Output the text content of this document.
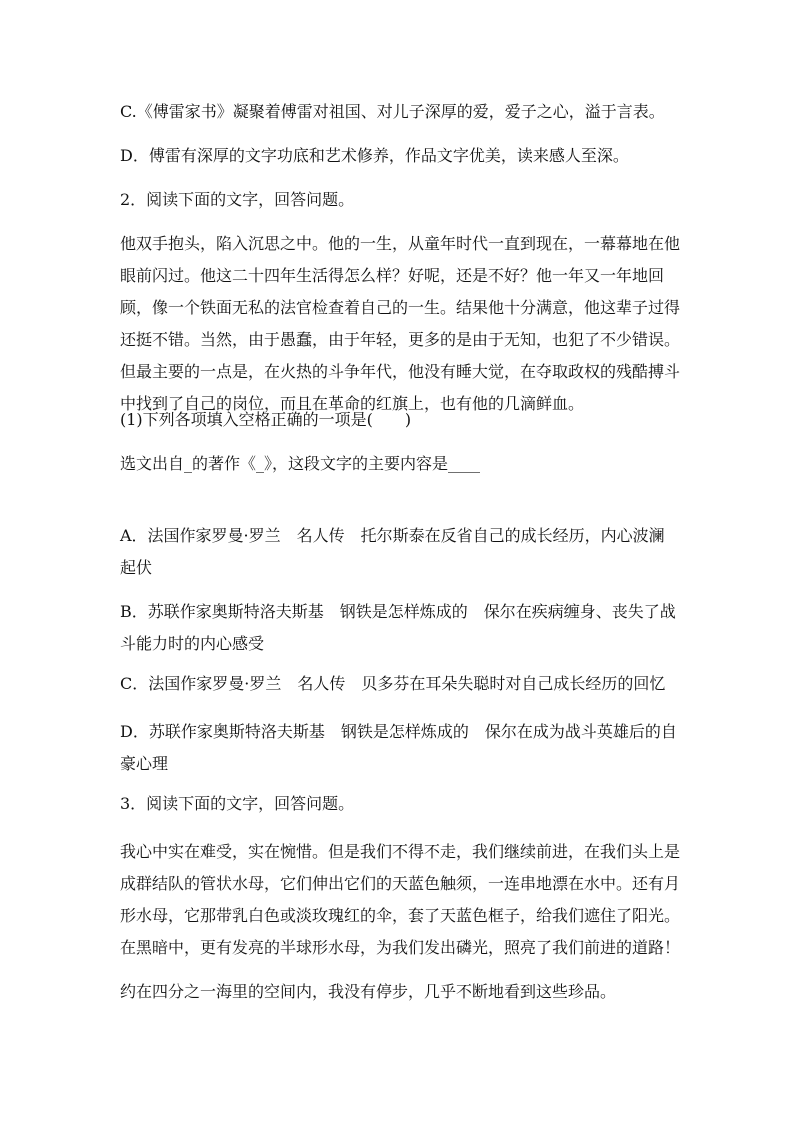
C.《傅雷家书》凝聚着傅雷对祖国、对儿子深厚的爱，爱子之心，溢于言表。

D．傅雷有深厚的文字功底和艺术修养，作品文字优美，读来感人至深。

2．阅读下面的文字，回答问题。

他双手抱头，陷入沉思之中。他的一生，从童年时代一直到现在，一幕幕地在他眼前闪过。他这二十四年生活得怎么样？好呢，还是不好？他一年又一年地回顾，像一个铁面无私的法官检查着自己的一生。结果他十分满意，他这辈子过得还挺不错。当然，由于愚蠢，由于年轻，更多的是由于无知，也犯了不少错误。但最主要的一点是，在火热的斗争年代，他没有睡大觉，在夺取政权的残酷搏斗中找到了自己的岗位，而且在革命的红旗上，也有他的几滴鲜血。

(1)下列各项填入空格正确的一项是(　　)

选文出自_的著作《_》，这段文字的主要内容是____

A．法国作家罗曼·罗兰　名人传　托尔斯泰在反省自己的成长经历，内心波澜起伏

B．苏联作家奥斯特洛夫斯基　钢铁是怎样炼成的　保尔在疾病缠身、丧失了战斗能力时的内心感受

C．法国作家罗曼·罗兰　名人传　贝多芬在耳朵失聪时对自己成长经历的回忆

D．苏联作家奥斯特洛夫斯基　钢铁是怎样炼成的　保尔在成为战斗英雄后的自豪心理

3．阅读下面的文字，回答问题。

我心中实在难受，实在惋惜。但是我们不得不走，我们继续前进，在我们头上是成群结队的管状水母，它们伸出它们的天蓝色触须，一连串地漂在水中。还有月形水母，它那带乳白色或淡玫瑰红的伞，套了天蓝色框子，给我们遮住了阳光。在黑暗中，更有发亮的半球形水母，为我们发出磷光，照亮了我们前进的道路！

约在四分之一海里的空间内，我没有停步，几乎不断地看到这些珍品。
